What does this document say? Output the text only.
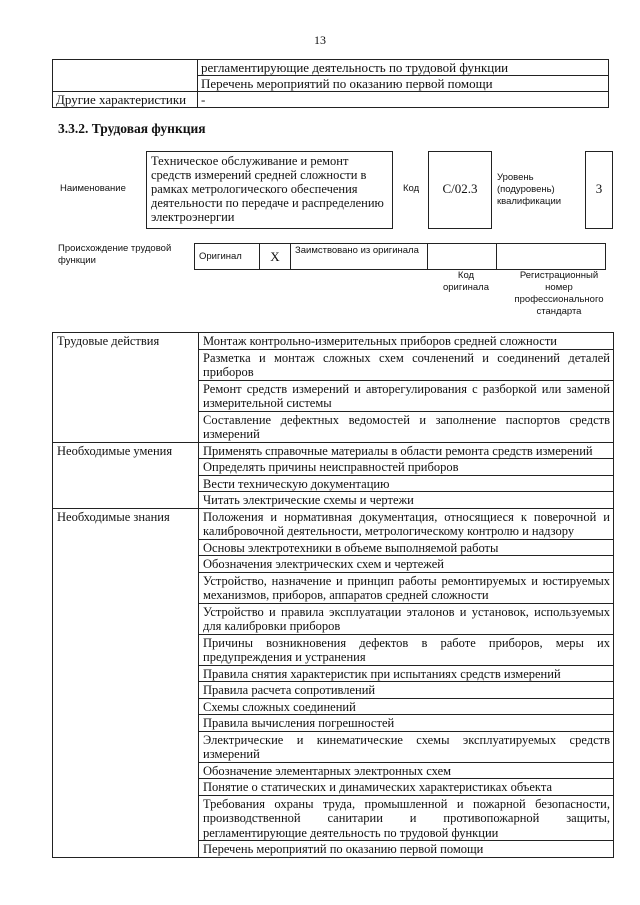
13
	регламентирующие деятельность по трудовой функции
	Перечень мероприятий по оказанию первой помощи
Другие характеристики	-
3.3.2. Трудовая функция
Наименование
Техническое обслуживание и ремонт средств измерений средней сложности в рамках метрологического обеспечения деятельности по передаче и распределению электроэнергии
Код	С/02.3
Уровень (подуровень) квалификации
3
Происхождение трудовой функции	Оригинал	X	Заимствовано из оригинала		
Код оригинала
Регистрационный номер профессионального стандарта
Трудовые действия	Монтаж контрольно-измерительных приборов средней сложности
	Разметка и монтаж сложных схем сочленений и соединений деталей приборов
	Ремонт средств измерений и авторегулирования с разборкой или заменой измерительной системы
	Составление дефектных ведомостей и заполнение паспортов средств измерений
Необходимые умения	Применять справочные материалы в области ремонта средств измерений
	Определять причины неисправностей приборов
	Вести техническую документацию
	Читать электрические схемы и чертежи
Необходимые знания	Положения и нормативная документация, относящиеся к поверочной и калибровочной деятельности, метрологическому контролю и надзору
	Основы электротехники в объеме выполняемой работы
	Обозначения электрических схем и чертежей
	Устройство, назначение и принцип работы ремонтируемых и юстируемых механизмов, приборов, аппаратов средней сложности
	Устройство и правила эксплуатации эталонов и установок, используемых для калибровки приборов
	Причины возникновения дефектов в работе приборов, меры их предупреждения и устранения
	Правила снятия характеристик при испытаниях средств измерений
	Правила расчета сопротивлений
	Схемы сложных соединений
	Правила вычисления погрешностей
	Электрические и кинематические схемы эксплуатируемых средств измерений
	Обозначение элементарных электронных схем
	Понятие о статических и динамических характеристиках объекта
	Требования охраны труда, промышленной и пожарной безопасности, производственной санитарии и противопожарной защиты, регламентирующие деятельность по трудовой функции
	Перечень мероприятий по оказанию первой помощи
